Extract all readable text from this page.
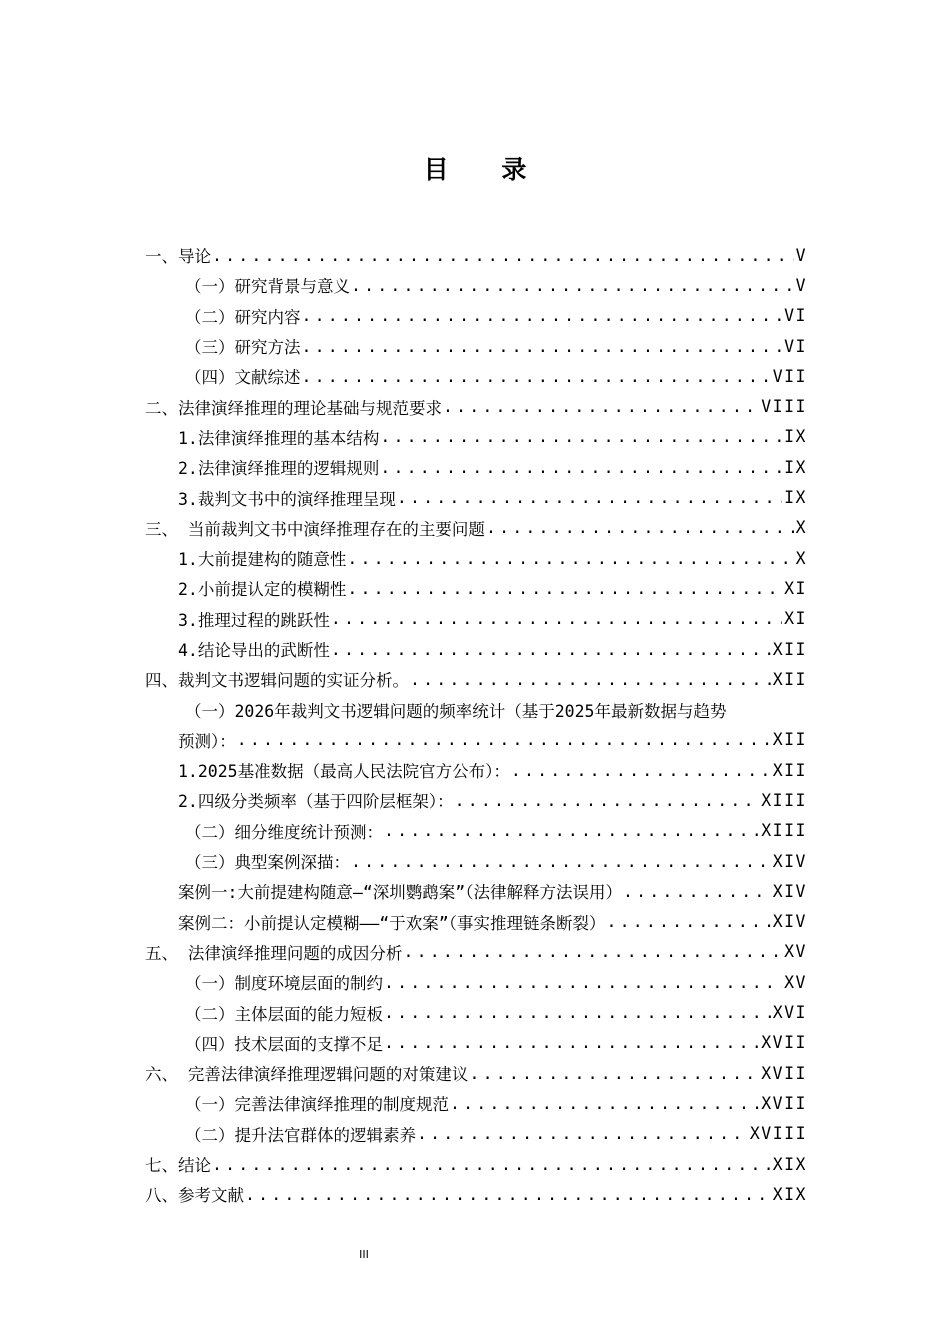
目 录
一、导论 .....	V
（一）研究背景与意义 .....	V
（二）研究内容 .....	VI
（三）研究方法 .....	VI
（四）文献综述 .....	VII
二、法律演绎推理的理论基础与规范要求 .....	VIII
1.法律演绎推理的基本结构 .....	IX
2.法律演绎推理的逻辑规则 .....	IX
3.裁判文书中的演绎推理呈现 .....	IX
三、 当前裁判文书中演绎推理存在的主要问题 .....	X
1.大前提建构的随意性 .....	X
2.小前提认定的模糊性 .....	XI
3.推理过程的跳跃性 .....	XI
4.结论导出的武断性 .....	XII
四、裁判文书逻辑问题的实证分析。 .....	XII
（一）2026年裁判文书逻辑问题的频率统计（基于2025年最新数据与趋势
预测）： .....	XII
1.2025基准数据（最高人民法院官方公布）： .....	XII
2.四级分类频率（基于四阶层框架）： .....	XIII
（二）细分维度统计预测： .....	XIII
（三）典型案例深描： .....	XIV
案例一:大前提建构随意—“深圳鹦鹉案”（法律解释方法误用） .....	XIV
案例二：小前提认定模糊——“于欢案”（事实推理链条断裂） .....	XIV
五、 法律演绎推理问题的成因分析 .....	XV
（一）制度环境层面的制约 .....	XV
（二）主体层面的能力短板 .....	XVI
（四）技术层面的支撑不足 .....	XVII
六、 完善法律演绎推理逻辑问题的对策建议 .....	XVII
（一）完善法律演绎推理的制度规范 .....	XVII
（二）提升法官群体的逻辑素养 .....	XVIII
七、结论 .....	XIX
八、参考文献 .....	XIX
III
